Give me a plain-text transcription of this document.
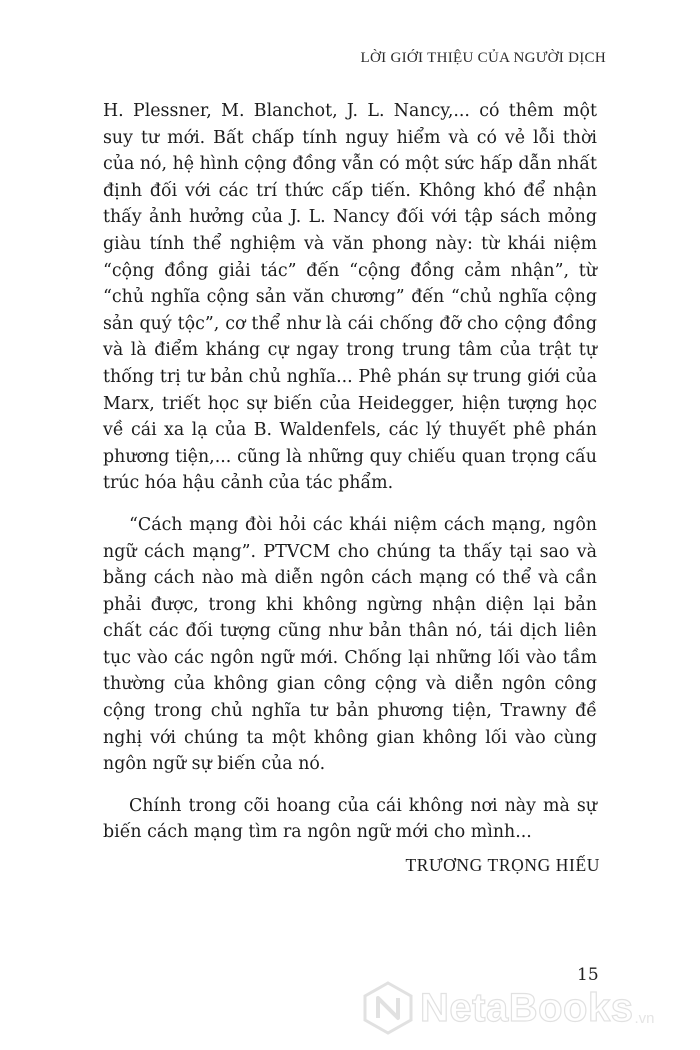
LỜI GIỚI THIỆU CỦA NGƯỜI DỊCH

H. Plessner, M. Blanchot, J. L. Nancy,... có thêm một suy tư mới. Bất chấp tính nguy hiểm và có vẻ lỗi thời của nó, hệ hình cộng đồng vẫn có một sức hấp dẫn nhất định đối với các trí thức cấp tiến. Không khó để nhận thấy ảnh hưởng của J. L. Nancy đối với tập sách mỏng giàu tính thể nghiệm và văn phong này: từ khái niệm “cộng đồng giải tác” đến “cộng đồng cảm nhận”, từ “chủ nghĩa cộng sản văn chương” đến “chủ nghĩa cộng sản quý tộc”, cơ thể như là cái chống đỡ cho cộng đồng và là điểm kháng cự ngay trong trung tâm của trật tự thống trị tư bản chủ nghĩa... Phê phán sự trung giới của Marx, triết học sự biến của Heidegger, hiện tượng học về cái xa lạ của B. Waldenfels, các lý thuyết phê phán phương tiện,... cũng là những quy chiếu quan trọng cấu trúc hóa hậu cảnh của tác phẩm.

“Cách mạng đòi hỏi các khái niệm cách mạng, ngôn ngữ cách mạng”. PTVCM cho chúng ta thấy tại sao và bằng cách nào mà diễn ngôn cách mạng có thể và cần phải được, trong khi không ngừng nhận diện lại bản chất các đối tượng cũng như bản thân nó, tái dịch liên tục vào các ngôn ngữ mới. Chống lại những lối vào tầm thường của không gian công cộng và diễn ngôn công cộng trong chủ nghĩa tư bản phương tiện, Trawny đề nghị với chúng ta một không gian không lối vào cùng ngôn ngữ sự biến của nó.

Chính trong cõi hoang của cái không nơi này mà sự biến cách mạng tìm ra ngôn ngữ mới cho mình...

TRƯƠNG TRỌNG HIẾU
15
NetaBooks .vn
